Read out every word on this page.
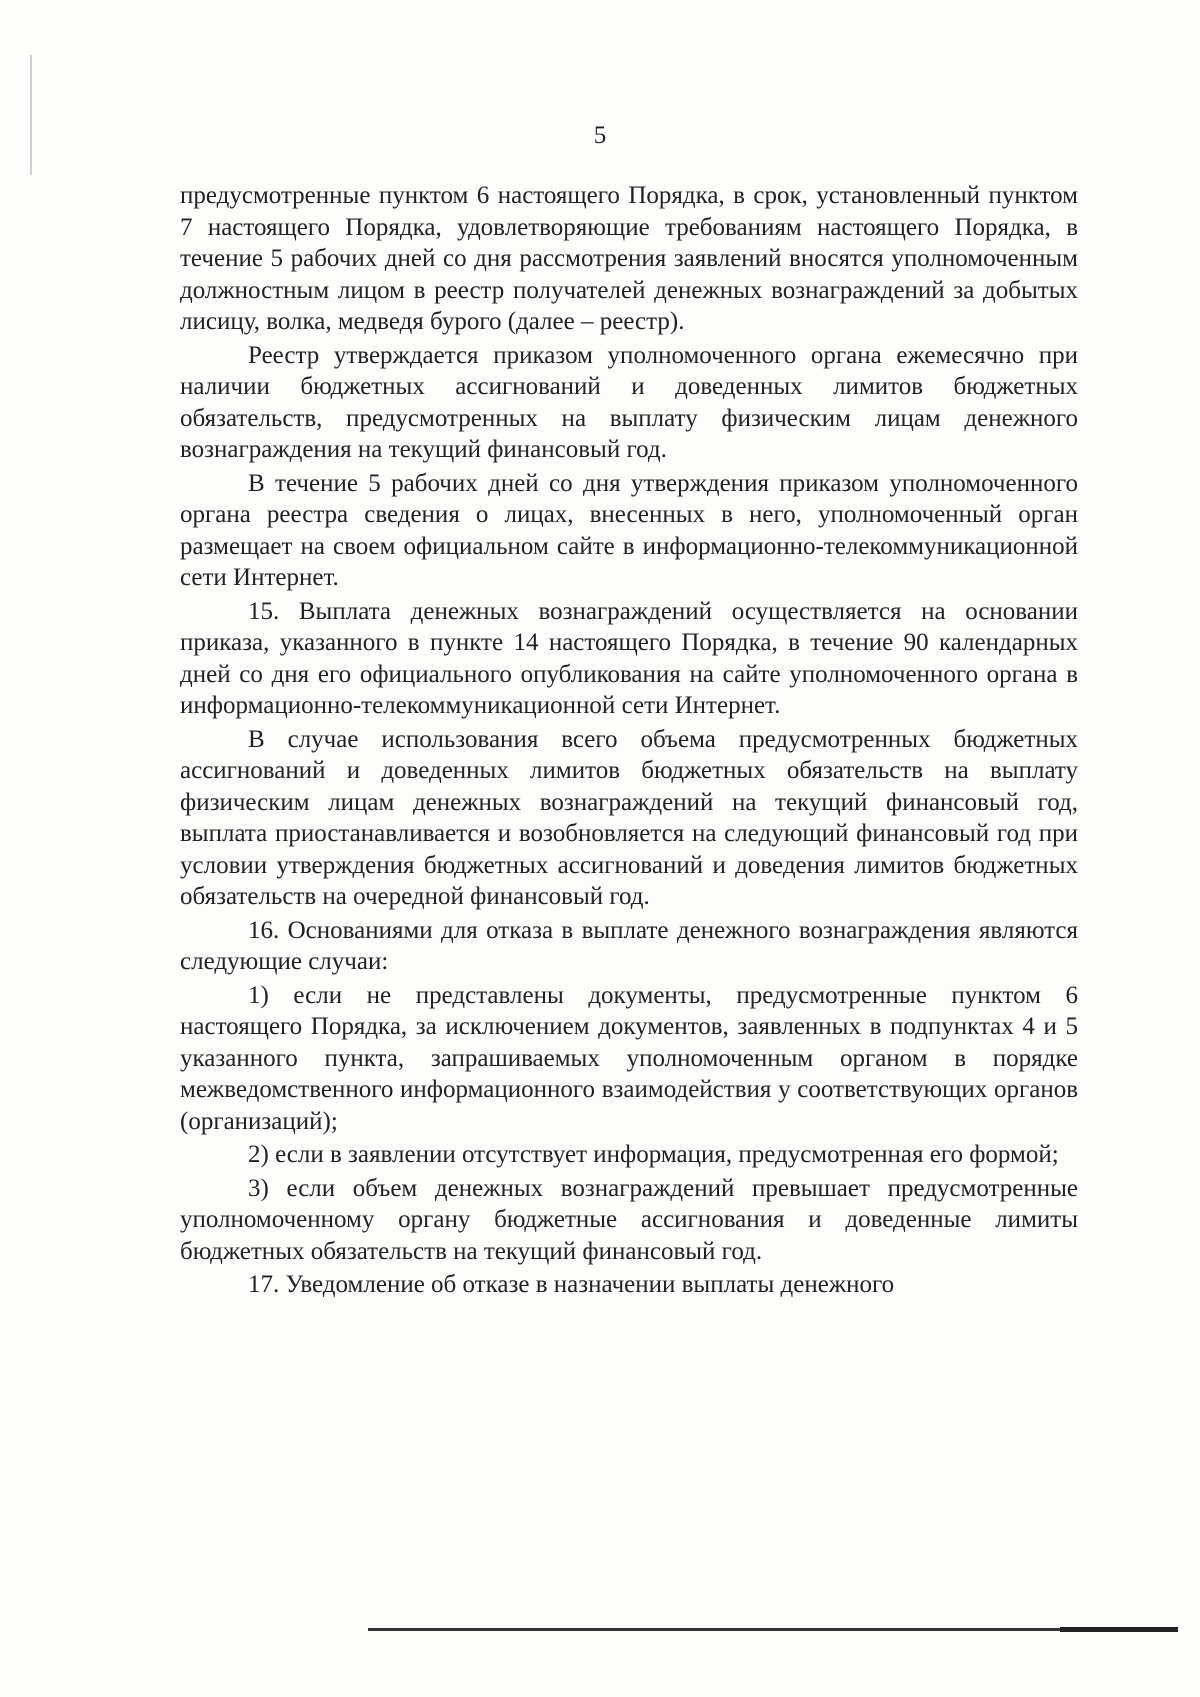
5

предусмотренные пунктом 6 настоящего Порядка, в срок, установленный пунктом 7 настоящего Порядка, удовлетворяющие требованиям настоящего Порядка, в течение 5 рабочих дней со дня рассмотрения заявлений вносятся уполномоченным должностным лицом в реестр получателей денежных вознаграждений за добытых лисицу, волка, медведя бурого (далее – реестр).

Реестр утверждается приказом уполномоченного органа ежемесячно при наличии бюджетных ассигнований и доведенных лимитов бюджетных обязательств, предусмотренных на выплату физическим лицам денежного вознаграждения на текущий финансовый год.

В течение 5 рабочих дней со дня утверждения приказом уполномоченного органа реестра сведения о лицах, внесенных в него, уполномоченный орган размещает на своем официальном сайте в информационно-телекоммуникационной сети Интернет.

15. Выплата денежных вознаграждений осуществляется на основании приказа, указанного в пункте 14 настоящего Порядка, в течение 90 календарных дней со дня его официального опубликования на сайте уполномоченного органа в информационно-телекоммуникационной сети Интернет.

В случае использования всего объема предусмотренных бюджетных ассигнований и доведенных лимитов бюджетных обязательств на выплату физическим лицам денежных вознаграждений на текущий финансовый год, выплата приостанавливается и возобновляется на следующий финансовый год при условии утверждения бюджетных ассигнований и доведения лимитов бюджетных обязательств на очередной финансовый год.

16. Основаниями для отказа в выплате денежного вознаграждения являются следующие случаи:

1) если не представлены документы, предусмотренные пунктом 6 настоящего Порядка, за исключением документов, заявленных в подпунктах 4 и 5 указанного пункта, запрашиваемых уполномоченным органом в порядке межведомственного информационного взаимодействия у соответствующих органов (организаций);

2) если в заявлении отсутствует информация, предусмотренная его формой;

3) если объем денежных вознаграждений превышает предусмотренные уполномоченному органу бюджетные ассигнования и доведенные лимиты бюджетных обязательств на текущий финансовый год.

17. Уведомление об отказе в назначении выплаты денежного
